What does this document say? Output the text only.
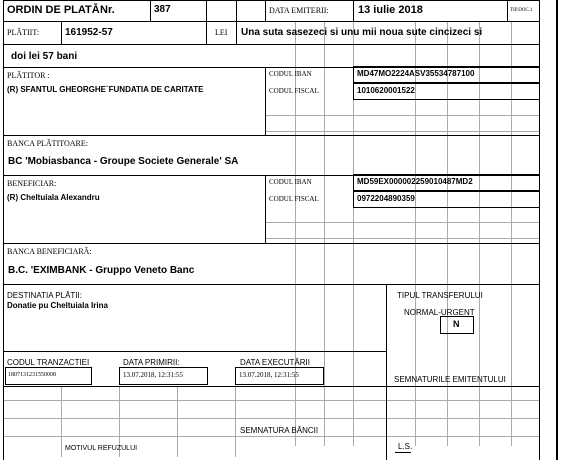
ORDIN DE PLATĂ Nr.	387	DATA EMITERII:	13 iulie 2018	TIP.DOC.1
PLĂTIIT:	161952-57	LEI Una suta sasezeci si unu mii noua sute cincizeci si
doi lei 57 bani
PLĂTITOR :
(R) SFANTUL GHEORGHE`FUNDATIA DE CARITATE
CODUL IBAN	MD47MO2224ASV35534787100
CODUL FISCAL	1010620001522
BANCA PLĂTITOARE:
BC 'Mobiasbanca - Groupe Societe Generale' SA
BENEFICIAR:
(R) Cheltuiala Alexandru
CODUL IBAN	MD59EX000002259010487MD2
CODUL FISCAL	0972204890359
BANCA BENEFICIARĂ:
B.C. 'EXIMBANK - Gruppo Veneto Banc
DESTINATIA PLĂTII:
Donatie pu Cheltuiala Irina
TIPUL TRANSFERULUI
NORMAL-URGENT
N
CODUL TRANZACTIEI
1807131231550008
DATA PRIMIRII:
13.07.2018, 12:31:55
DATA EXECUTĂRII
13.07.2018, 12:31:55	SEMNATURILE EMITENTULUI
SEMNATURA BĂNCII
MOTIVUL REFUZULUI	L.S.
